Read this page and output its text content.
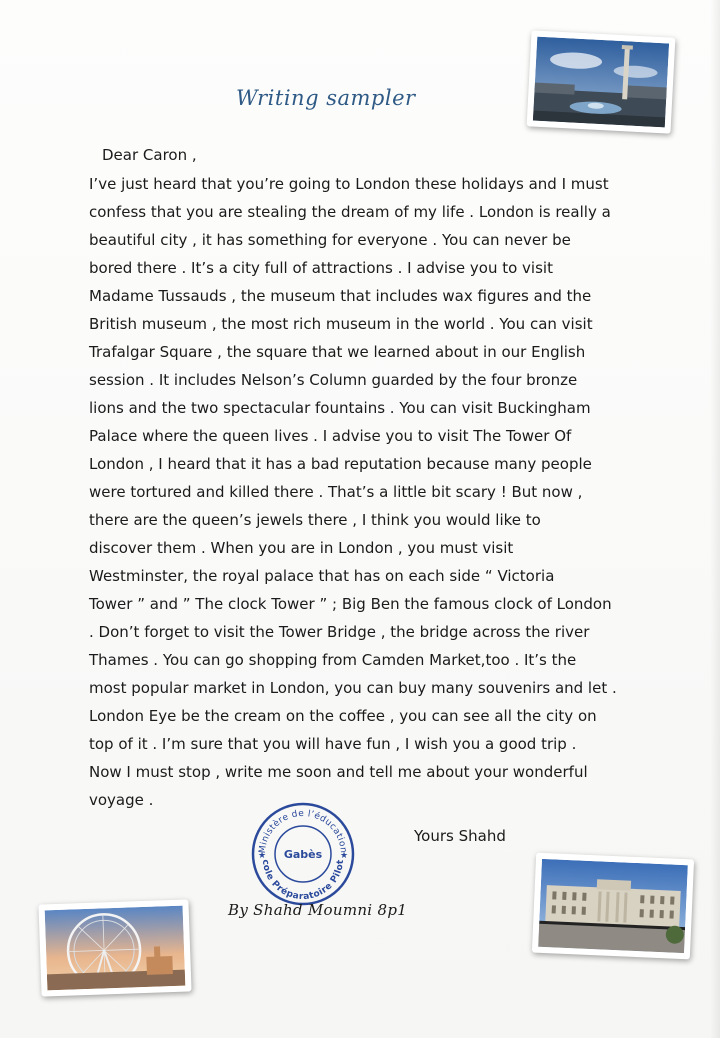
Writing sampler
Dear Caron ,
I’ve just heard that you’re going to London these holidays and I must
confess that you are stealing the dream of my life . London is really a
beautiful city , it has something for everyone . You can never be
bored there . It’s a city full of attractions . I advise you to visit
Madame Tussauds , the museum that includes wax figures and the
British museum , the most rich museum in the world . You can visit
Trafalgar Square , the square that we learned about in our English
session . It includes Nelson’s Column guarded by the four bronze
lions and the two spectacular fountains . You can visit Buckingham
Palace where the queen lives . I advise you to visit The Tower Of
London , I heard that it has a bad reputation because many people
were tortured and killed there . That’s a little bit scary ! But now ,
there are the queen’s jewels there , I think you would like to
discover them . When you are in London , you must visit
Westminster, the royal palace that has on each side “ Victoria
Tower ” and ” The clock Tower ” ; Big Ben the famous clock of London
. Don’t forget to visit the Tower Bridge , the bridge across the river
Thames . You can go shopping from Camden Market,too . It’s the
most popular market in London, you can buy many souvenirs and let .
London Eye be the cream on the coffee , you can see all the city on
top of it . I’m sure that you will have fun , I wish you a good trip .
Now I must stop , write me soon and tell me about your wonderful
voyage .
Ministère de l’éducation
cole Préparatoire Pilot
Gabès
★	★
Yours Shahd
By Shahd Moumni 8p1
